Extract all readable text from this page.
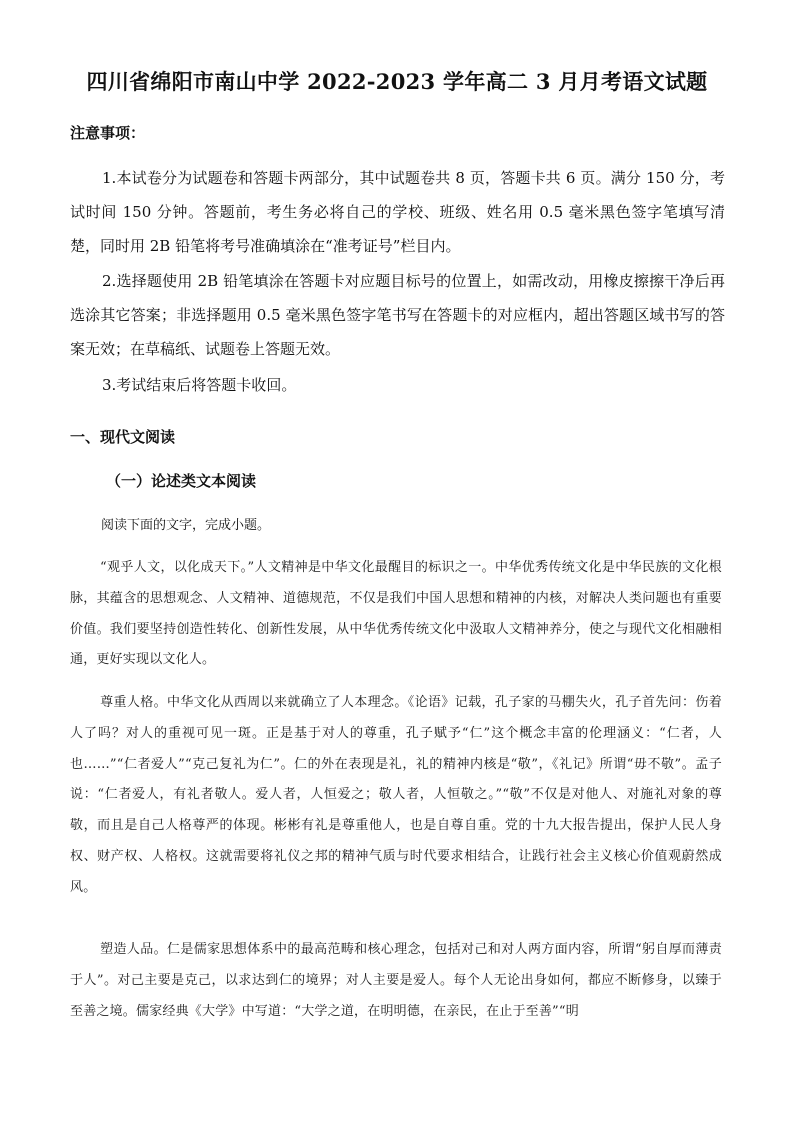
四川省绵阳市南山中学 2022-2023 学年高二 3 月月考语文试题
注意事项：
1.本试卷分为试题卷和答题卡两部分，其中试题卷共 8 页，答题卡共 6 页。满分 150 分，考试时间 150 分钟。答题前，考生务必将自己的学校、班级、姓名用 0.5 毫米黑色签字笔填写清楚，同时用 2B 铅笔将考号准确填涂在“准考证号”栏目内。
2.选择题使用 2B 铅笔填涂在答题卡对应题目标号的位置上，如需改动，用橡皮擦擦干净后再选涂其它答案；非选择题用 0.5 毫米黑色签字笔书写在答题卡的对应框内，超出答题区域书写的答案无效；在草稿纸、试题卷上答题无效。
3.考试结束后将答题卡收回。
一、现代文阅读
（一）论述类文本阅读
阅读下面的文字，完成小题。
“观乎人文，以化成天下。”人文精神是中华文化最醒目的标识之一。中华优秀传统文化是中华民族的文化根脉，其蕴含的思想观念、人文精神、道德规范，不仅是我们中国人思想和精神的内核，对解决人类问题也有重要价值。我们要坚持创造性转化、创新性发展，从中华优秀传统文化中汲取人文精神养分，使之与现代文化相融相通，更好实现以文化人。
尊重人格。中华文化从西周以来就确立了人本理念。《论语》记载，孔子家的马棚失火，孔子首先问：伤着人了吗？对人的重视可见一斑。正是基于对人的尊重，孔子赋予“仁”这个概念丰富的伦理涵义：“仁者，人也……”“仁者爱人”“克己复礼为仁”。仁的外在表现是礼，礼的精神内核是“敬”，《礼记》所谓“毋不敬”。孟子说：“仁者爱人，有礼者敬人。爱人者，人恒爱之；敬人者，人恒敬之。”“敬”不仅是对他人、对施礼对象的尊敬，而且是自己人格尊严的体现。彬彬有礼是尊重他人，也是自尊自重。党的十九大报告提出，保护人民人身权、财产权、人格权。这就需要将礼仪之邦的精神气质与时代要求相结合，让践行社会主义核心价值观蔚然成风。
塑造人品。仁是儒家思想体系中的最高范畴和核心理念，包括对己和对人两方面内容，所谓“躬自厚而薄责于人”。对己主要是克己，以求达到仁的境界；对人主要是爱人。每个人无论出身如何，都应不断修身，以臻于至善之境。儒家经典《大学》中写道：“大学之道，在明明德，在亲民，在止于至善”“明
